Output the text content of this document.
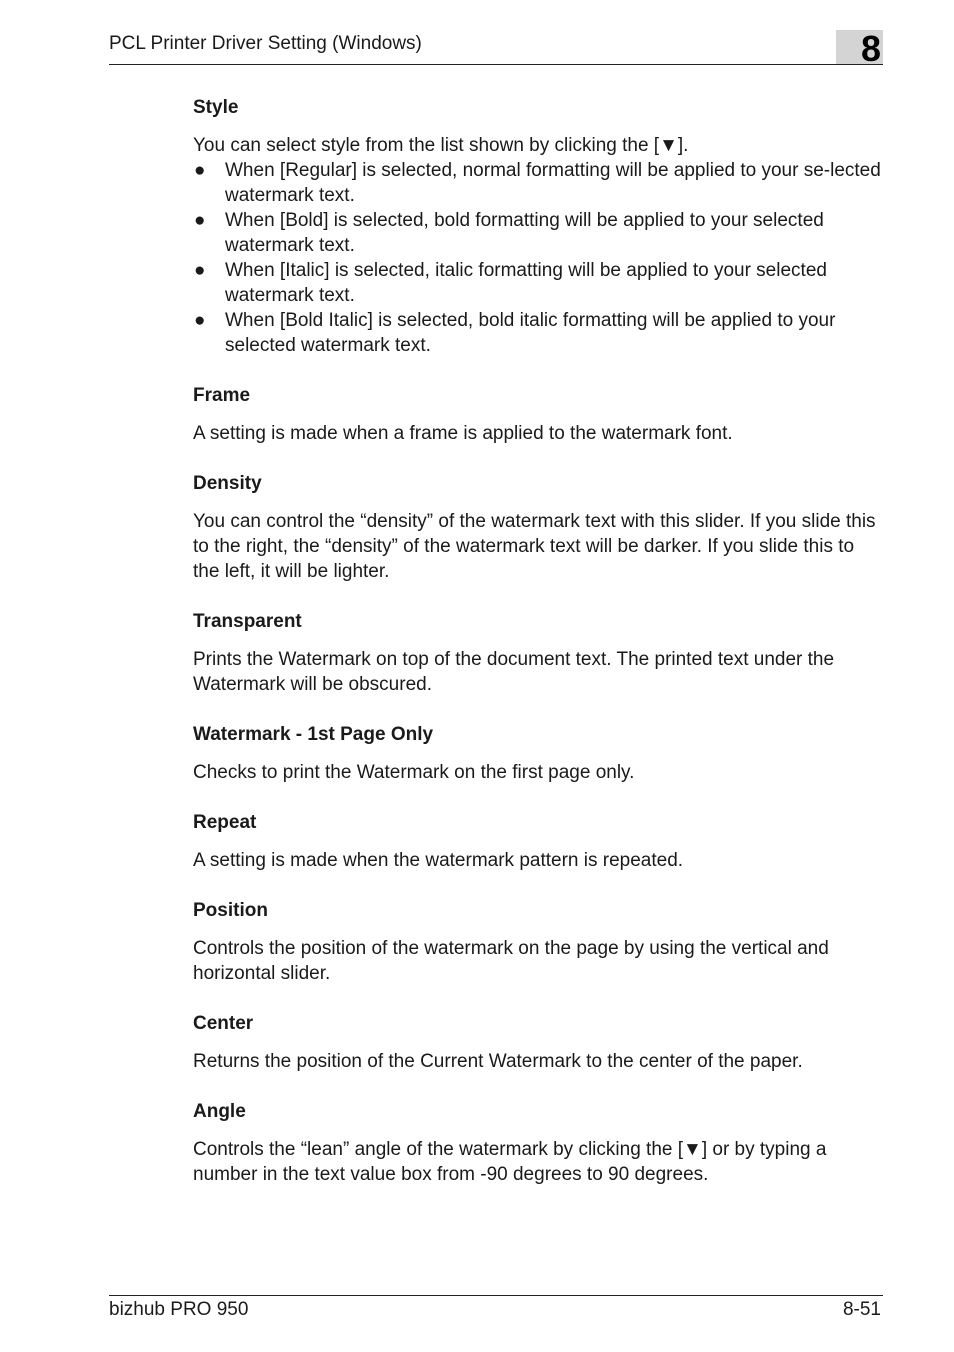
PCL Printer Driver Setting (Windows)	8
Style
You can select style from the list shown by clicking the [▼].
● When [Regular] is selected, normal formatting will be applied to your se-lected watermark text.
● When [Bold] is selected, bold formatting will be applied to your selected watermark text.
● When [Italic] is selected, italic formatting will be applied to your selected watermark text.
● When [Bold Italic] is selected, bold italic formatting will be applied to your selected watermark text.
Frame
A setting is made when a frame is applied to the watermark font.
Density
You can control the “density” of the watermark text with this slider. If you slide this to the right, the “density” of the watermark text will be darker. If you slide this to the left, it will be lighter.
Transparent
Prints the Watermark on top of the document text. The printed text under the Watermark will be obscured.
Watermark - 1st Page Only
Checks to print the Watermark on the first page only.
Repeat
A setting is made when the watermark pattern is repeated.
Position
Controls the position of the watermark on the page by using the vertical and horizontal slider.
Center
Returns the position of the Current Watermark to the center of the paper.
Angle
Controls the “lean” angle of the watermark by clicking the [▼] or by typing a number in the text value box from -90 degrees to 90 degrees.
bizhub PRO 950	8-51
